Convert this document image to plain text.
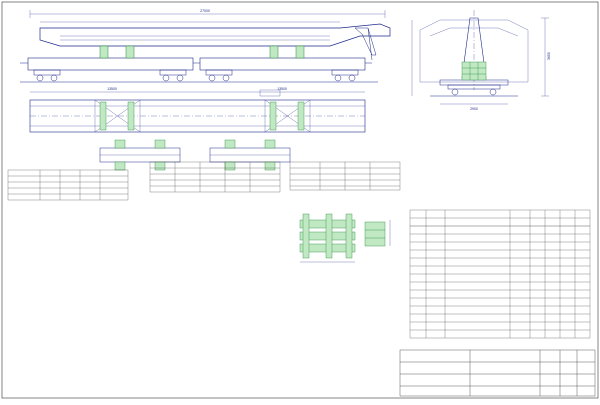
27000
13500	13500
3650
2900
